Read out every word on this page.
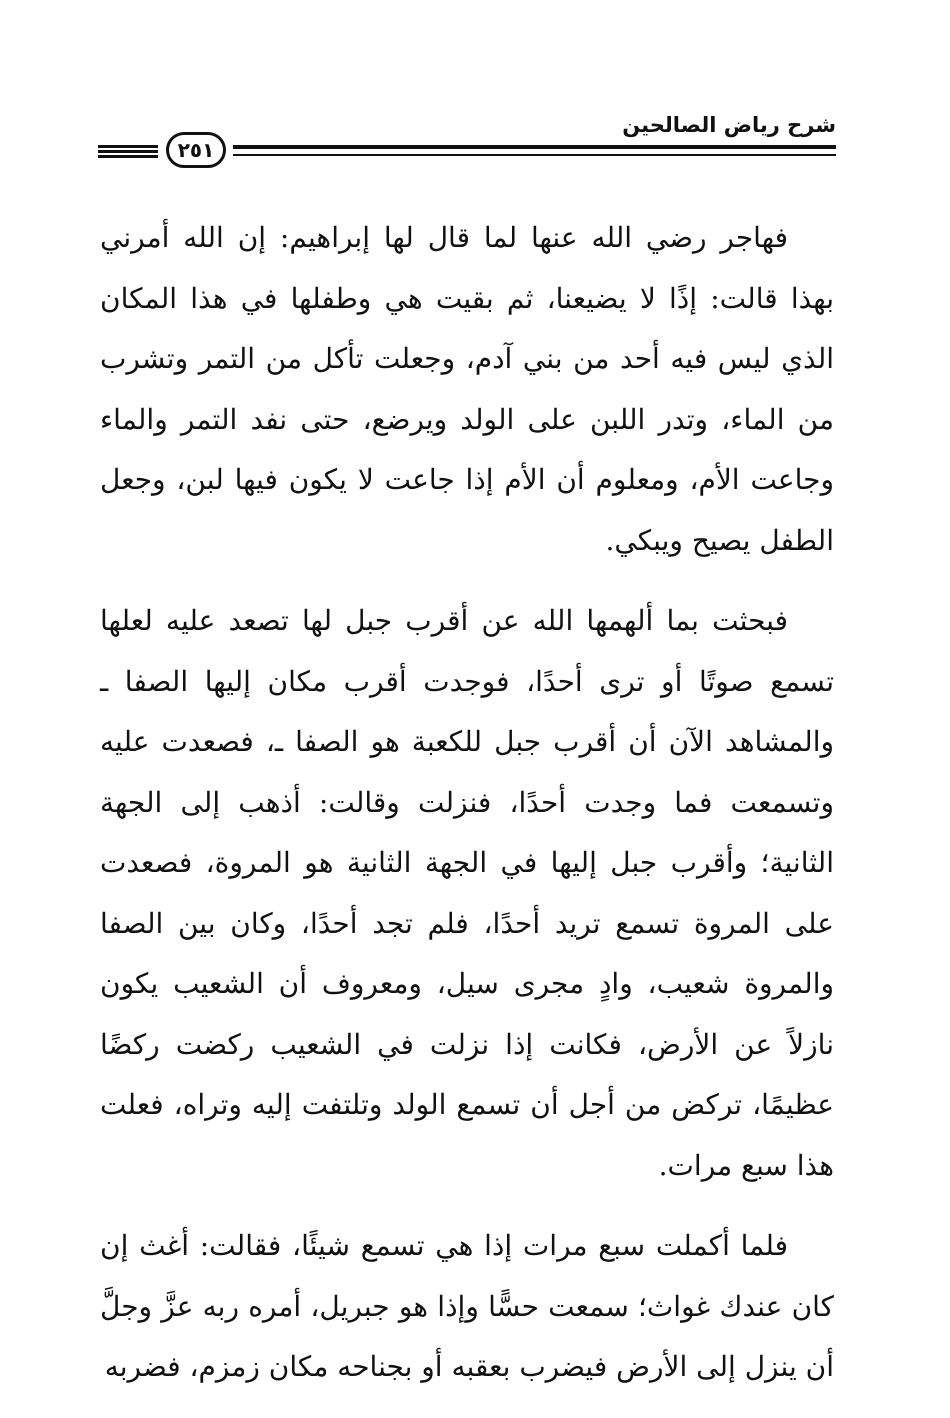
شرح رياض الصالحين
٢٥١

فهاجر رضي الله عنها لما قال لها إبراهيم: إن الله أمرني بهذا قالت: إذًا لا يضيعنا، ثم بقيت هي وطفلها في هذا المكان الذي ليس فيه أحد من بني آدم، وجعلت تأكل من التمر وتشرب من الماء، وتدر اللبن على الولد ويرضع، حتى نفد التمر والماء وجاعت الأم، ومعلوم أن الأم إذا جاعت لا يكون فيها لبن، وجعل الطفل يصيح ويبكي.

فبحثت بما ألهمها الله عن أقرب جبل لها تصعد عليه لعلها تسمع صوتًا أو ترى أحدًا، فوجدت أقرب مكان إليها الصفا ـ والمشاهد الآن أن أقرب جبل للكعبة هو الصفا ـ، فصعدت عليه وتسمعت فما وجدت أحدًا، فنزلت وقالت: أذهب إلى الجهة الثانية؛ وأقرب جبل إليها في الجهة الثانية هو المروة، فصعدت على المروة تسمع تريد أحدًا، فلم تجد أحدًا، وكان بين الصفا والمروة شعيب، وادٍ مجرى سيل، ومعروف أن الشعيب يكون نازلاً عن الأرض، فكانت إذا نزلت في الشعيب ركضت ركضًا عظيمًا، تركض من أجل أن تسمع الولد وتلتفت إليه وتراه، فعلت هذا سبع مرات.

فلما أكملت سبع مرات إذا هي تسمع شيئًا، فقالت: أغث إن كان عندك غواث؛ سمعت حسًّا وإذا هو جبريل، أمره ربه عزَّ وجلَّ أن ينزل إلى الأرض فيضرب بعقبه أو بجناحه مكان زمزم، فضربه
